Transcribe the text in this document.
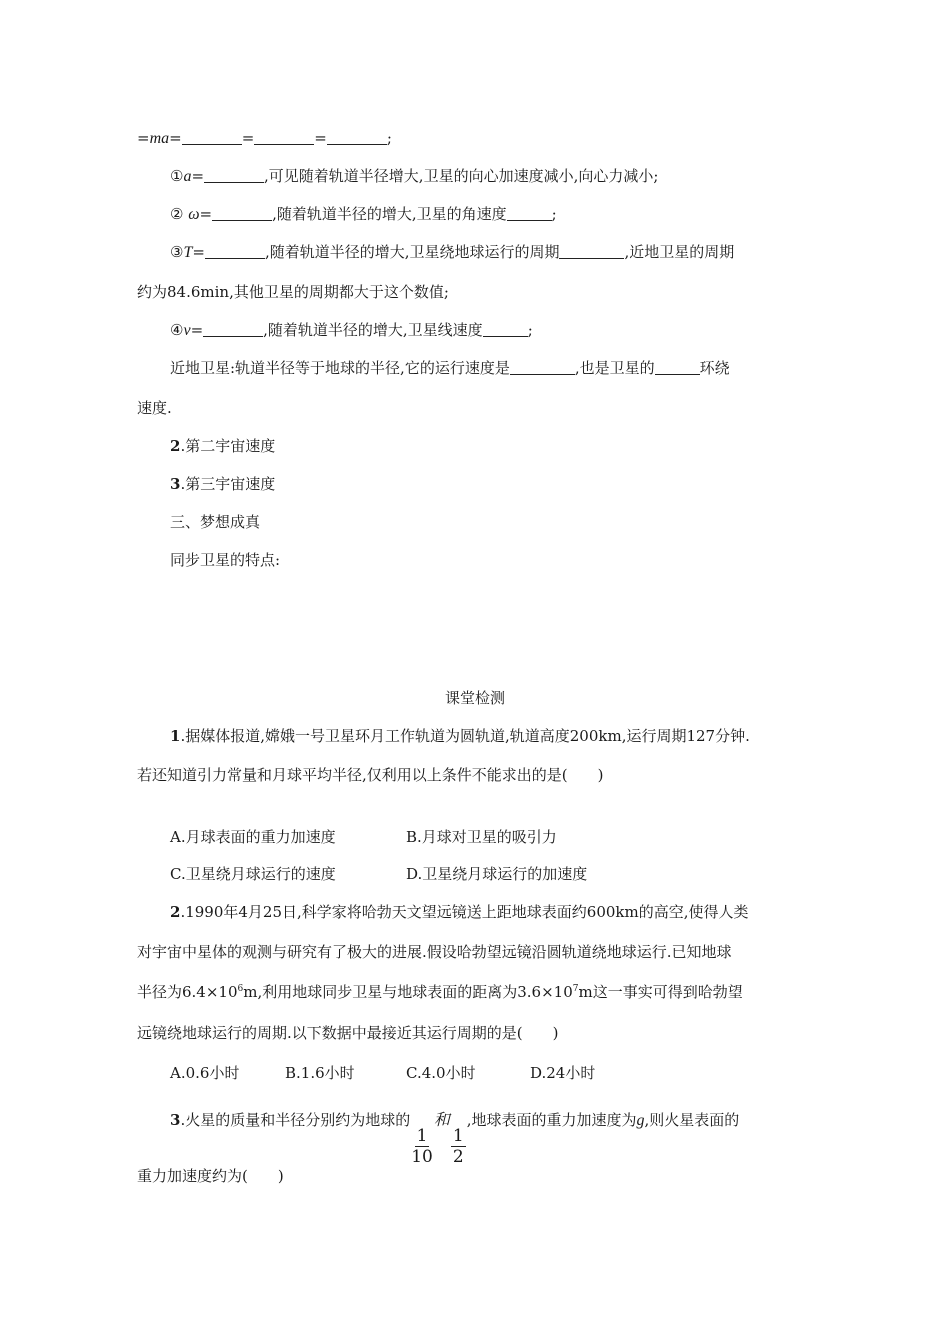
=ma=	=	=	;
①a=	,可见随着轨道半径增大,卫星的向心加速度减小,向心力减小;
② ω=	,随着轨道半径的增大,卫星的角速度	;
③T=	,随着轨道半径的增大,卫星绕地球运行的周期	,近地卫星的周期
约为84.6min,其他卫星的周期都大于这个数值;
④v=	,随着轨道半径的增大,卫星线速度	;
近地卫星:轨道半径等于地球的半径,它的运行速度是	,也是卫星的	环绕
速度.
2.第二宇宙速度
3.第三宇宙速度
三、梦想成真
同步卫星的特点:
课堂检测
1.据媒体报道,嫦娥一号卫星环月工作轨道为圆轨道,轨道高度200km,运行周期127分钟.
若还知道引力常量和月球平均半径,仅利用以上条件不能求出的是(　　)
A.月球表面的重力加速度	B.月球对卫星的吸引力
C.卫星绕月球运行的速度	D.卫星绕月球运行的加速度
2.1990年4月25日,科学家将哈勃天文望远镜送上距地球表面约600km的高空,使得人类
对宇宙中星体的观测与研究有了极大的进展.假设哈勃望远镜沿圆轨道绕地球运行.已知地球
半径为$6.4\times 10^6m$,利用地球同步卫星与地球表面的距离为$3.6\times 10^7m$这一事实可得到哈勃望
远镜绕地球运行的周期.以下数据中最接近其运行周期的是(　　)
A.0.6小时	B.1.6小时	C.4.0小时	D.24小时
3.火星的质量和半径分别约为地球的
$\frac{1}{10}$
和
$\frac{1}{2}$
,地球表面的重力加速度为g,则火星表面的
重力加速度约为(　　)
